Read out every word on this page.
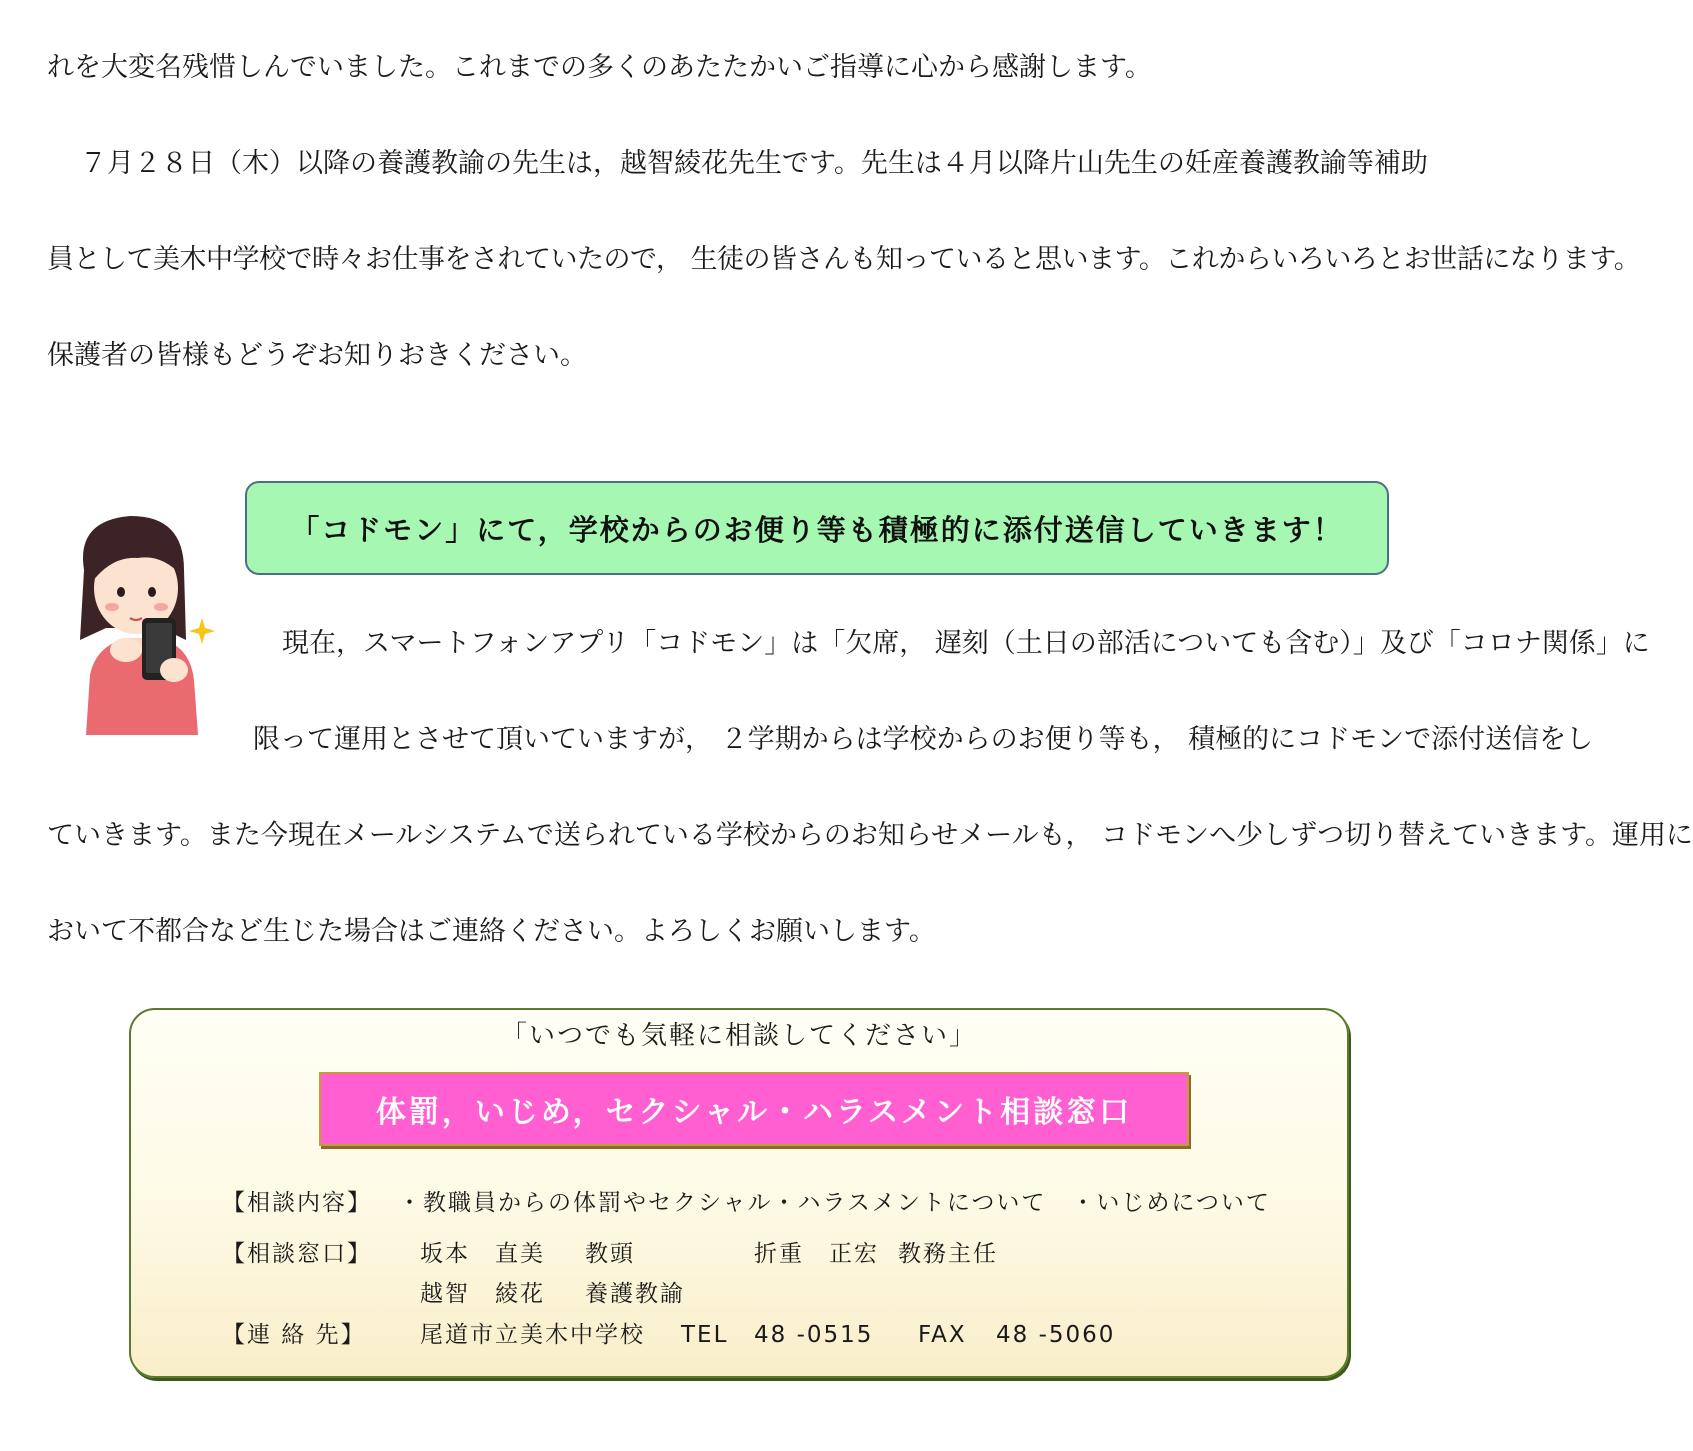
れを大変名残惜しんでいました。これまでの多くのあたたかいご指導に心から感謝します。
７月２８日（木）以降の養護教諭の先生は，越智綾花先生です。先生は４月以降片山先生の妊産養護教諭等補助
員として美木中学校で時々お仕事をされていたので， 生徒の皆さんも知っていると思います。これからいろいろとお世話になります。
保護者の皆様もどうぞお知りおきください。
「コドモン」にて，学校からのお便り等も積極的に添付送信していきます！
現在，スマートフォンアプリ「コドモン」は「欠席， 遅刻（土日の部活についても含む）」及び「コロナ関係」に
限って運用とさせて頂いていますが， ２学期からは学校からのお便り等も， 積極的にコドモンで添付送信をし
ていきます。また今現在メールシステムで送られている学校からのお知らせメールも， コドモンへ少しずつ切り替えていきます。運用に
おいて不都合など生じた場合はご連絡ください。よろしくお願いします。
「いつでも気軽に相談してください」
体罰，いじめ，セクシャル・ハラスメント相談窓口
【相談内容】 ・教職員からの体罰やセクシャル・ハラスメントについて　・いじめについて
【相談窓口】 坂本　直美 教頭	折重　正宏 教務主任
越智　綾花 養護教諭
【連 絡 先】 尾道市立美木中学校 TEL 48 -0515 FAX 48 -5060
